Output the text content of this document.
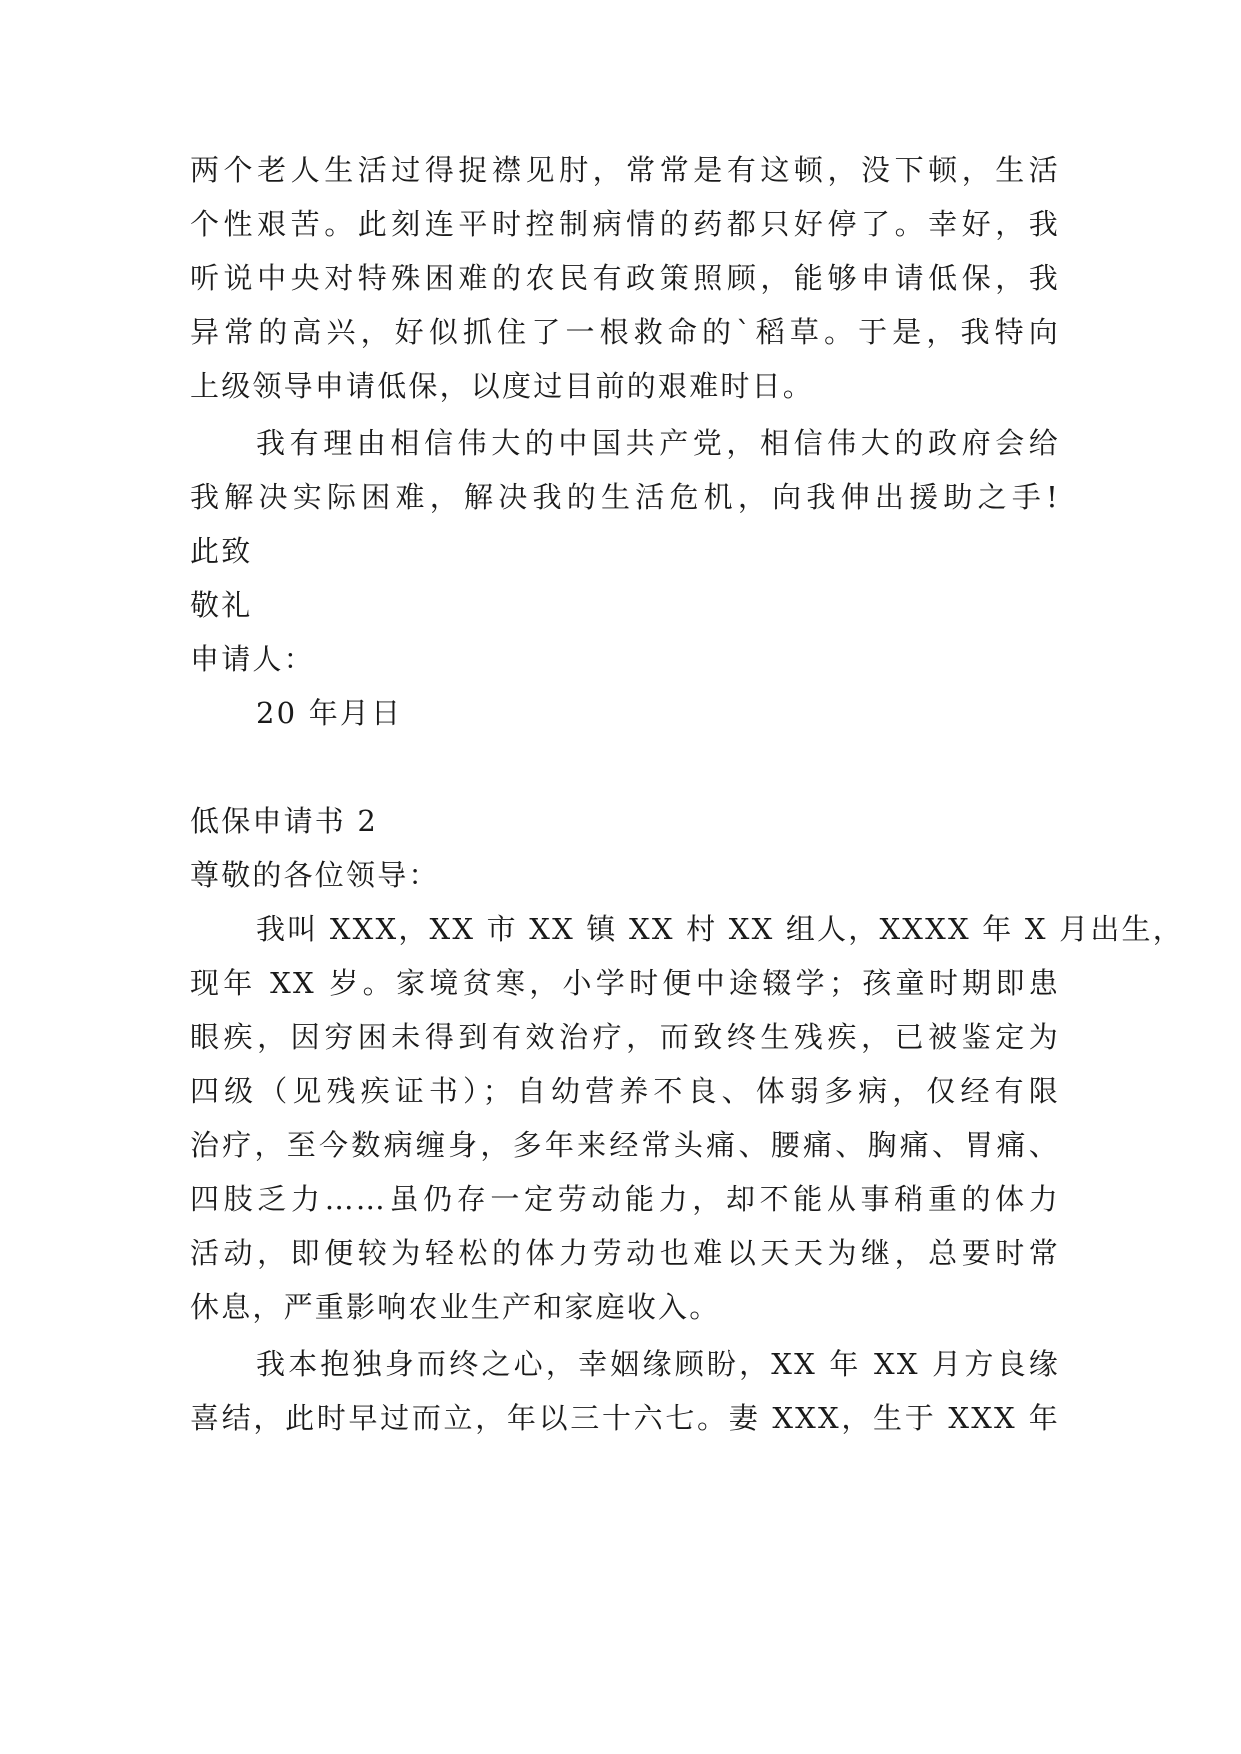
两个老人生活过得捉襟见肘，常常是有这顿，没下顿，生活
个性艰苦。此刻连平时控制病情的药都只好停了。幸好，我
听说中央对特殊困难的农民有政策照顾，能够申请低保，我
异常的高兴，好似抓住了一根救命的`稻草。于是，我特向
上级领导申请低保，以度过目前的艰难时日。
我有理由相信伟大的中国共产党，相信伟大的政府会给
我解决实际困难，解决我的生活危机，向我伸出援助之手!
此致
敬礼
申请人：
20 年月日
低保申请书 2
尊敬的各位领导：
我叫 XXX，XX 市 XX 镇 XX 村 XX 组人，XXXX 年 X 月出生，
现年 XX 岁。家境贫寒，小学时便中途辍学；孩童时期即患
眼疾，因穷困未得到有效治疗，而致终生残疾，已被鉴定为
四级（见残疾证书）；自幼营养不良、体弱多病，仅经有限
治疗，至今数病缠身，多年来经常头痛、腰痛、胸痛、胃痛、
四肢乏力……虽仍存一定劳动能力，却不能从事稍重的体力
活动，即便较为轻松的体力劳动也难以天天为继，总要时常
休息，严重影响农业生产和家庭收入。
我本抱独身而终之心，幸姻缘顾盼，XX 年 XX 月方良缘
喜结，此时早过而立，年以三十六七。妻 XXX，生于 XXX 年
